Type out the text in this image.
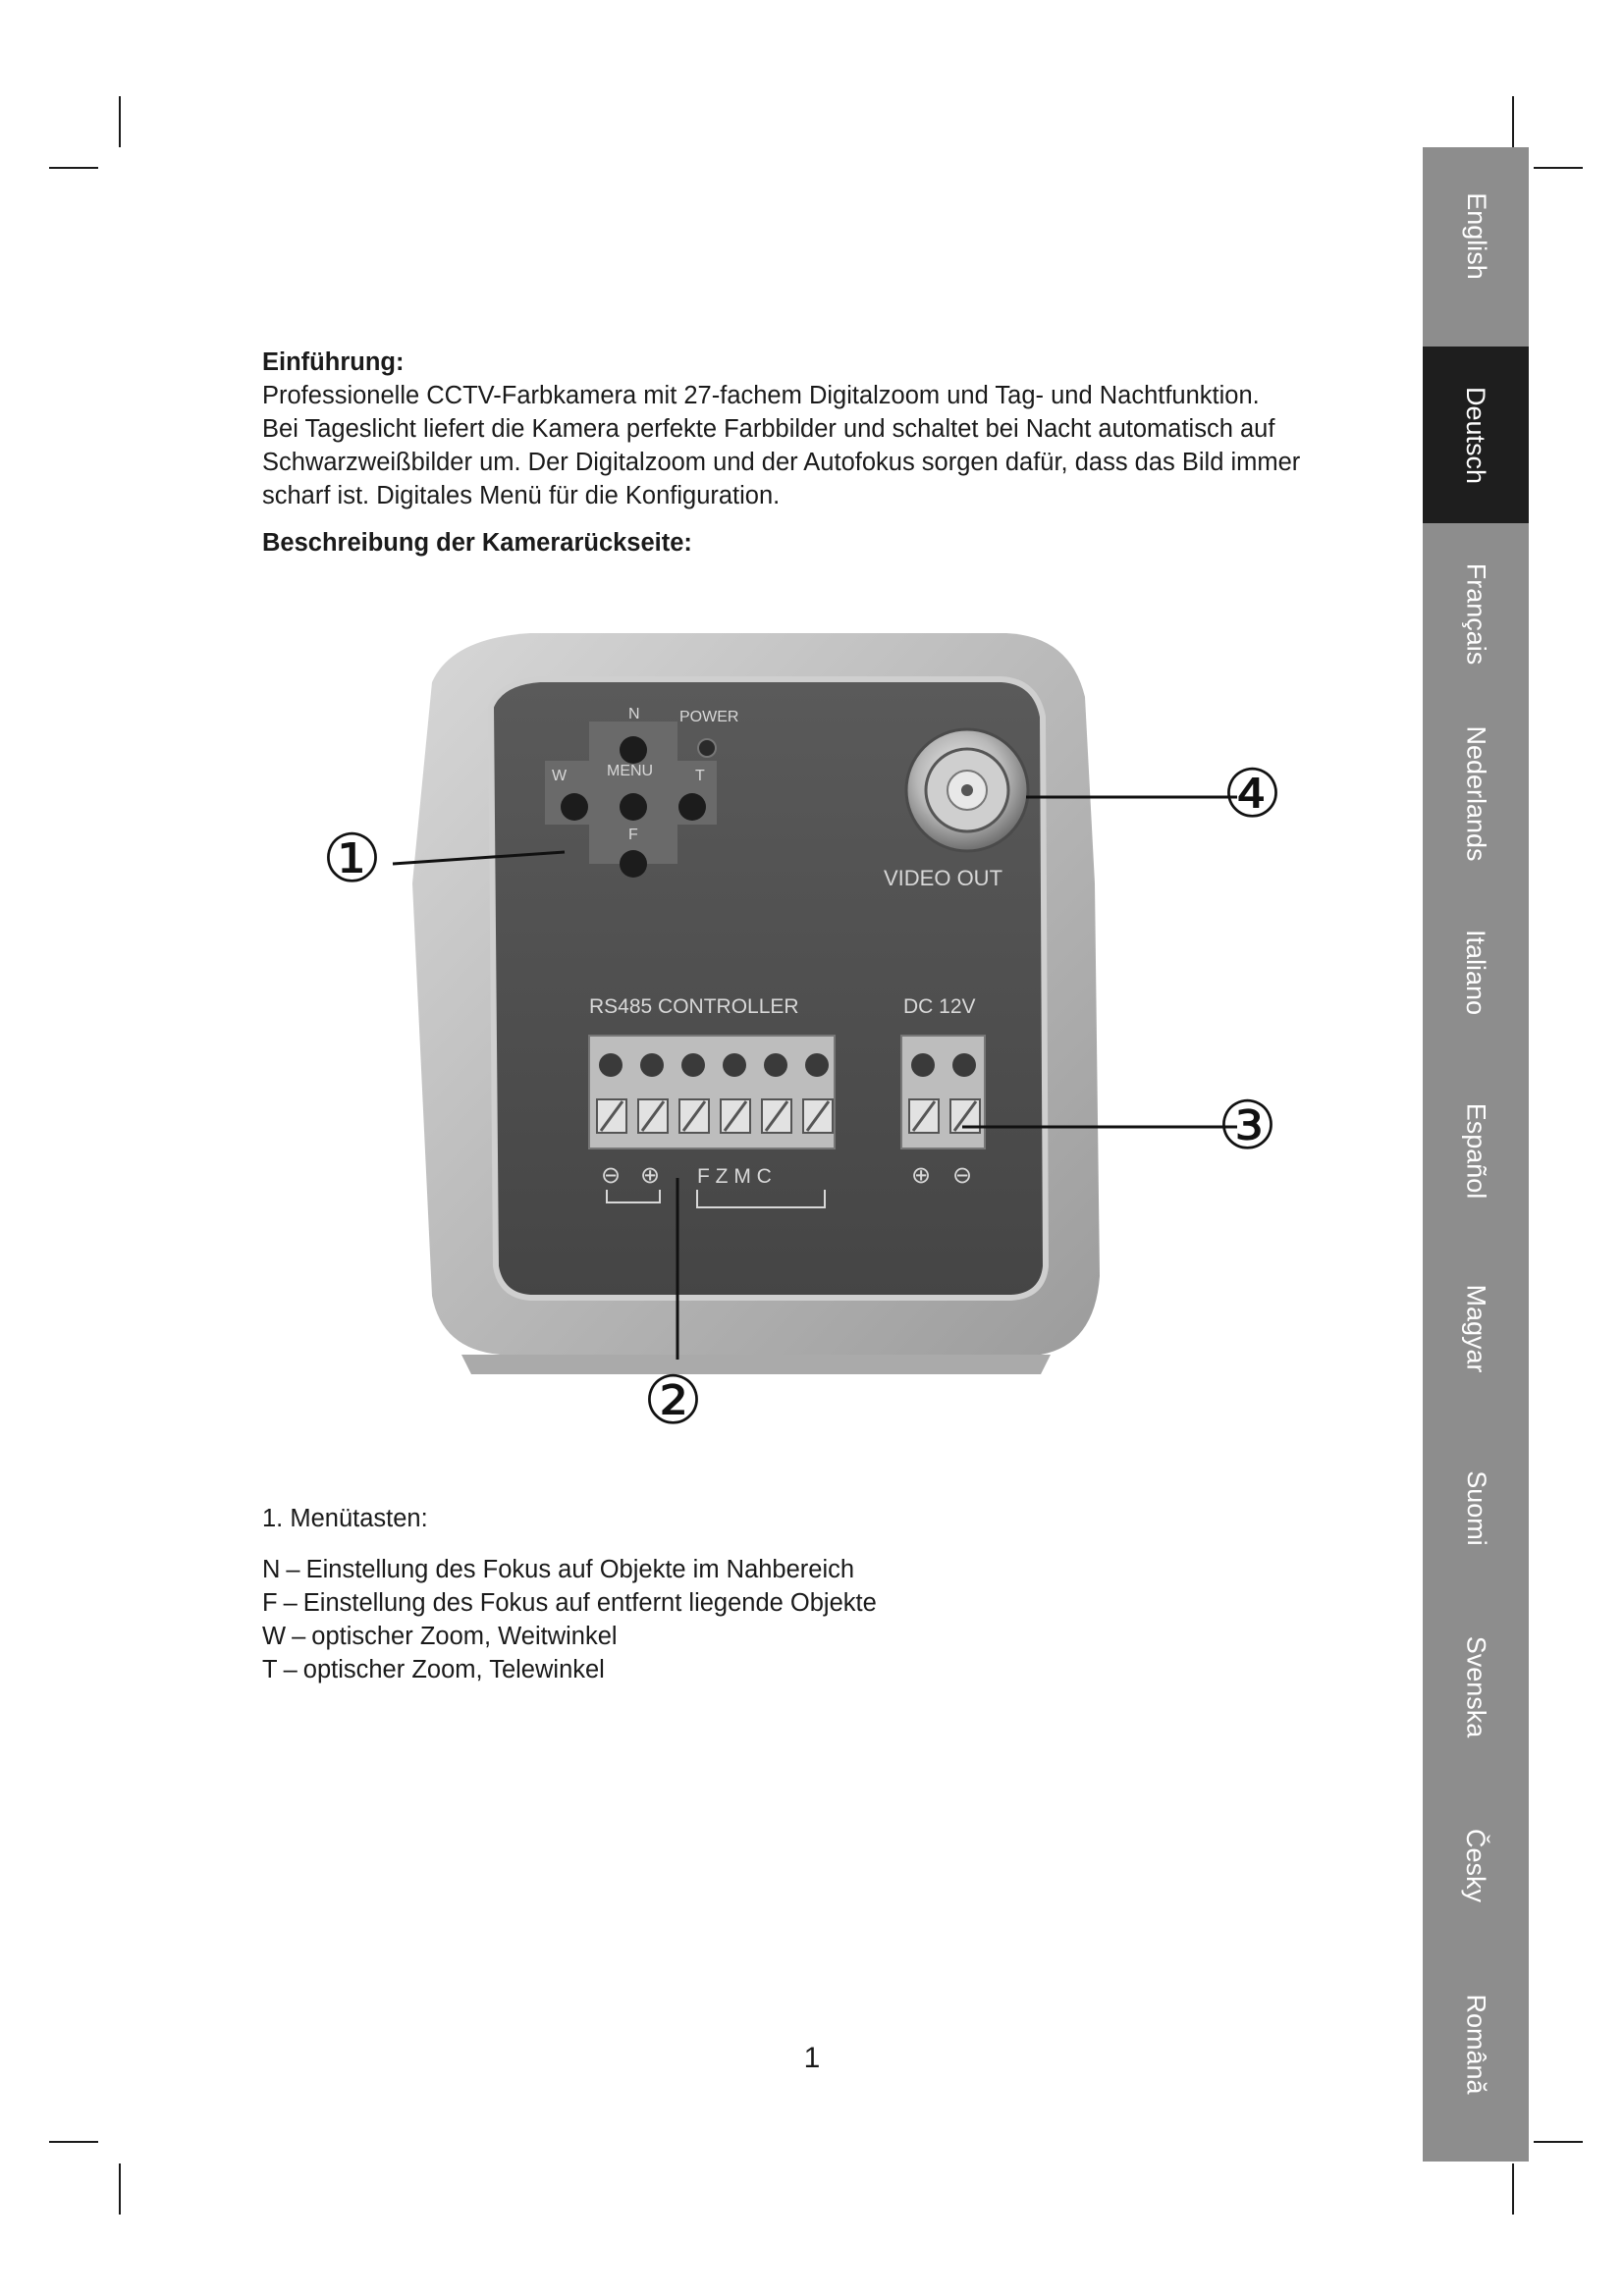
English
Deutsch
Français
Nederlands
Italiano
Español
Magyar
Suomi
Svenska
Česky
Română

Einführung:

Professionelle CCTV-Farbkamera mit 27-fachem Digitalzoom und Tag- und Nachtfunktion.

Bei Tageslicht liefert die Kamera perfekte Farbbilder und schaltet bei Nacht automatisch auf

Schwarzweißbilder um. Der Digitalzoom und der Autofokus sorgen dafür, dass das Bild immer

scharf ist. Digitales Menü für die Konfiguration.

Beschreibung der Kamerarückseite:

N	POWER
W	MENU	T
F
VIDEO OUT
RS485 CONTROLLER
⊖ ⊕ F Z M C
DC 12V
⊕ ⊖
①
②
③
④

1. Menütasten:

N – Einstellung des Fokus auf Objekte im Nahbereich
F – Einstellung des Fokus auf entfernt liegende Objekte
W – optischer Zoom, Weitwinkel
T – optischer Zoom, Telewinkel
1
